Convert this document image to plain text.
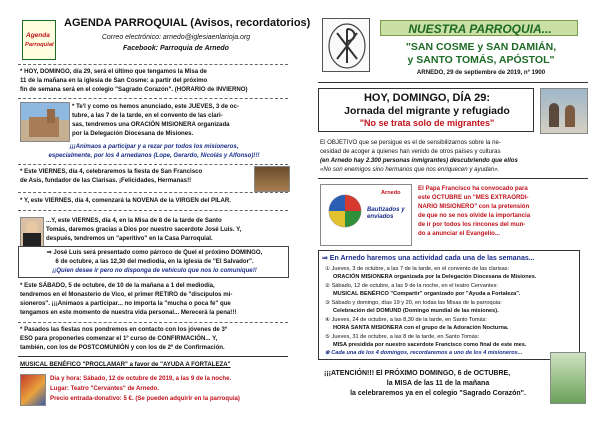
Agenda
Parroquial
AGENDA PARROQUIAL (Avisos, recordatorios)
Correo electrónico: arnedo@iglesiaenlarioja.org
Facebook: Parroquia de Arnedo
* HOY, DOMINGO, día 29, será el último que tengamos la Misa de
11 de la mañana en la iglesia de San Cosme: a partir del próximo
fin de semana será en el colegio "Sagrado Corazón". (HORARIO de INVIERNO)
* Te'l y como os hemos anunciado, este JUEVES, 3 de oc-
tubre, a las 7 de la tarde, en el convento de las clari-
sas, tendremos una ORACIÓN MISIONERA organizada
por la Delegación Diocesana de Misiones.
¡¡¡Animaos a participar y a rezar por todos los misioneros,
especialmente, por los 4 arnedanos (Lope, Gerardo, Nicolás y Alfonso)!!!
* Este VIERNES, día 4, celebraremos la fiesta de San Francisco
de Asís, fundador de las Clarisas. ¡Felicidades, Hermanas!!
* Y, este VIERNES, día 4, comenzará la NOVENA de la VIRGEN del PILAR.
...Y, este VIERNES, día 4, en la Misa de 8 de la tarde de Santo
Tomás, daremos gracias a Dios por nuestro sacerdote José Luis. Y,
después, tendremos un "aperitivo" en la Casa Parroquial.
⇒ José Luis será presentado como párroco de Quel el próximo DOMINGO,
6 de octubre, a las 12,30 del mediodía, en la iglesia de "El Salvador".
¡¡Quien desee ir pero no disponga de vehículo que nos lo comunique!!
* Este SÁBADO, 5 de octubre, de 10 de la mañana a 1 del mediodía,
tendremos en el Monasterio de Vico, el primer RETIRO de "discípulos mi-
sioneros". ¡¡¡Animaos a participar... no importa la "mucha o poca fe" que
tengamos en este momento de nuestra vida personal... Merecerá la pena!!!
* Pasados las fiestas nos pondremos en contacto con los jóvenes de 3º
ESO para proponerles comenzar el 1º curso de CONFIRMACIÓN... Y,
también, con los de POSTCOMUNIÓN y con los de 2º de Confirmación.
MUSICAL BENÉFICO "PROCLAMAR" a favor de "AYUDA A FORTALEZA"
Día y hora: Sábado, 12 de octubre de 2019, a las 9 de la noche.
Lugar: Teatro "Cervantes" de Arnedo.
Precio entrada-donativo: 5 €. (Se pueden adquirir en la parroquia)
NUESTRA PARROQUIA...
"SAN COSME y SAN DAMIÁN,
y SANTO TOMÁS, APÓSTOL"
ARNEDO, 29 de septiembre de 2019, nº 1900
HOY, DOMINGO, DÍA 29:
Jornada del migrante y refugiado
"No se trata solo de migrantes"
El OBJETIVO que se persigue es el de sensibilizarnos sobre la ne-
cesidad de acoger a quienes han venido de otros países y culturas
(en Arnedo hay 2.300 personas inmigrantes) descubriendo que ellos
«No son enemigos sino hermanos que nos enriquecen y ayudan».
Bautizados y enviados
Arnedo
El Papa Francisco ha convocado para
este OCTUBRE un "MES EXTRAORDI-
NARIO MISIONERO" con la pretensión
de que no se nos olvide la importancia
de ir por todos los rincones del mun-
do a anunciar el Evangelio...
⇒ En Arnedo haremos una actividad cada una de las semanas...
① Jueves, 3 de octubre, a las 7 de la tarde, en el convento de las clarisas:
ORACIÓN MISIONERA organizada por la Delegación Diocesana de Misiones.
② Sábado, 12 de octubre, a las 9 de la noche, en el teatro Cervantes:
MUSICAL BENÉFICO "Compartir" organizado por "Ayuda a Fortaleza".
③ Sábado y domingo, días 19 y 20, en todas las Misas de la parroquia:
Celebración del DOMUND (Domingo mundial de las misiones).
④ Jueves, 24 de octubre, a las 8,30 de la tarde, en Santo Tomás:
HORA SANTA MISIONERA con el grupo de la Adoración Nocturna.
⑤ Jueves, 31 de octubre, a las 8 de la tarde, en Santo Tomás:
MISA presidida por nuestro sacerdote Francisco como final de este mes.
⊛ Cada una de los 4 domingos, recordaremos a uno de los 4 misioneros...
¡¡¡ATENCIÓN!!! El PRÓXIMO DOMINGO, 6 de OCTUBRE,
la MISA de las 11 de la mañana
la celebraremos ya en el colegio "Sagrado Corazón".
